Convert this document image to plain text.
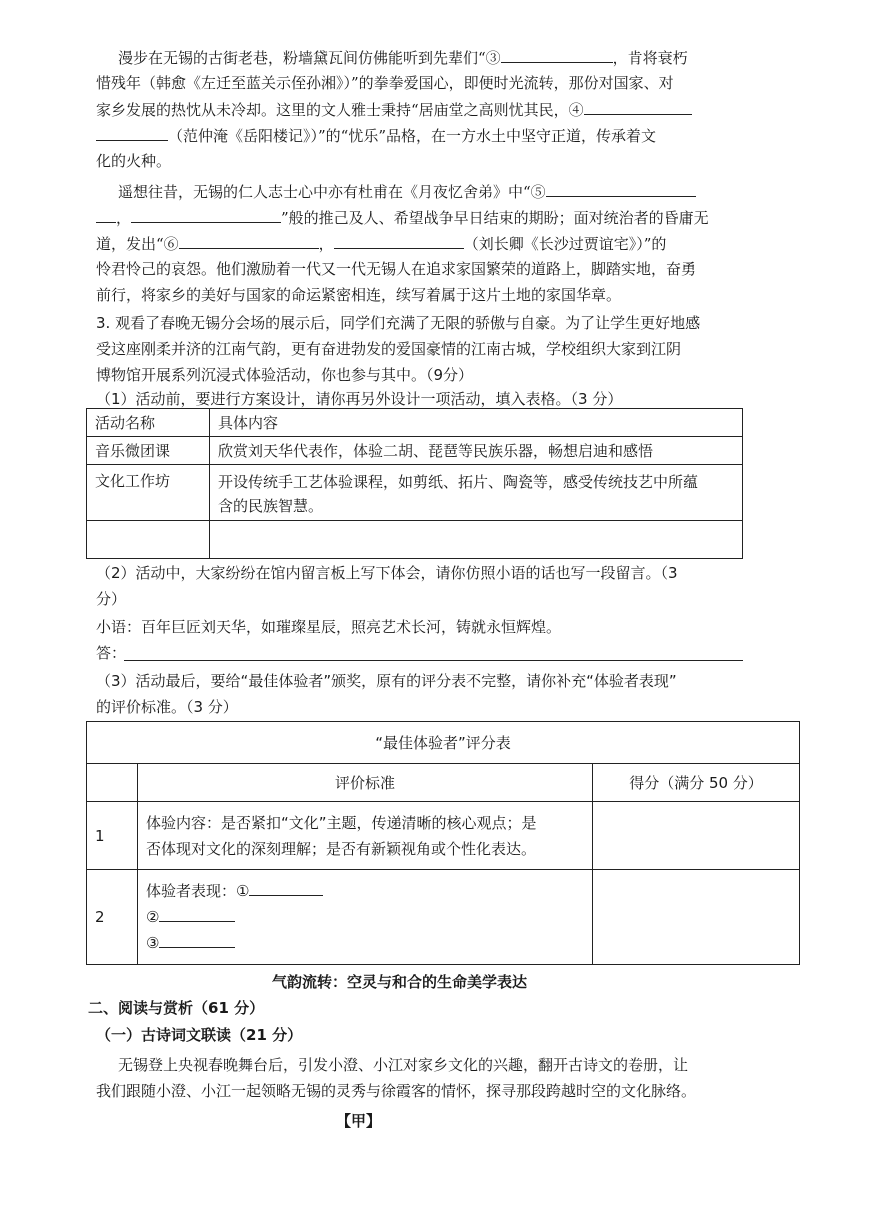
漫步在无锡的古街老巷，粉墙黛瓦间仿佛能听到先辈们“③	，肯将衰朽
惜残年（韩愈《左迁至蓝关示侄孙湘》）”的拳拳爱国心，即便时光流转，那份对国家、对
家乡发展的热忱从未冷却。这里的文人雅士秉持“居庙堂之高则忧其民，④
（范仲淹《岳阳楼记》）”的“忧乐”品格，在一方水土中坚守正道，传承着文
化的火种。
遥想往昔，无锡的仁人志士心中亦有杜甫在《月夜忆舍弟》中“⑤
，	”般的推己及人、希望战争早日结束的期盼；面对统治者的昏庸无
道，发出“⑥	，	（刘长卿《长沙过贾谊宅》）”的
怜君怜己的哀怨。他们激励着一代又一代无锡人在追求家国繁荣的道路上，脚踏实地，奋勇
前行，将家乡的美好与国家的命运紧密相连，续写着属于这片土地的家国华章。
3. 观看了春晚无锡分会场的展示后，同学们充满了无限的骄傲与自豪。为了让学生更好地感
受这座刚柔并济的江南气韵，更有奋进勃发的爱国豪情的江南古城，学校组织大家到江阴
博物馆开展系列沉浸式体验活动，你也参与其中。（9分）
（1）活动前，要进行方案设计，请你再另外设计一项活动，填入表格。（3 分）
活动名称	具体内容
音乐微团课	欣赏刘天华代表作，体验二胡、琵琶等民族乐器，畅想启迪和感悟
文化工作坊	开设传统手工艺体验课程，如剪纸、拓片、陶瓷等，感受传统技艺中所蕴
含的民族智慧。

（2）活动中，大家纷纷在馆内留言板上写下体会，请你仿照小语的话也写一段留言。（3
分）
小语：百年巨匠刘天华，如璀璨星辰，照亮艺术长河，铸就永恒辉煌。
答：
（3）活动最后，要给“最佳体验者”颁奖，原有的评分表不完整，请你补充“体验者表现”
的评价标准。（3 分）
“最佳体验者”评分表		
	评价标准	得分（满分 50 分）
1	体验内容：是否紧扣“文化”主题，传递清晰的核心观点；是
否体现对文化的深刻理解；是否有新颖视角或个性化表达。	

2	体验者表现：①
②
③	

气韵流转：空灵与和合的生命美学表达
二、阅读与赏析（61 分）
（一）古诗词文联读（21 分）
无锡登上央视春晚舞台后，引发小澄、小江对家乡文化的兴趣，翻开古诗文的卷册，让
我们跟随小澄、小江一起领略无锡的灵秀与徐霞客的情怀，探寻那段跨越时空的文化脉络。
【甲】
